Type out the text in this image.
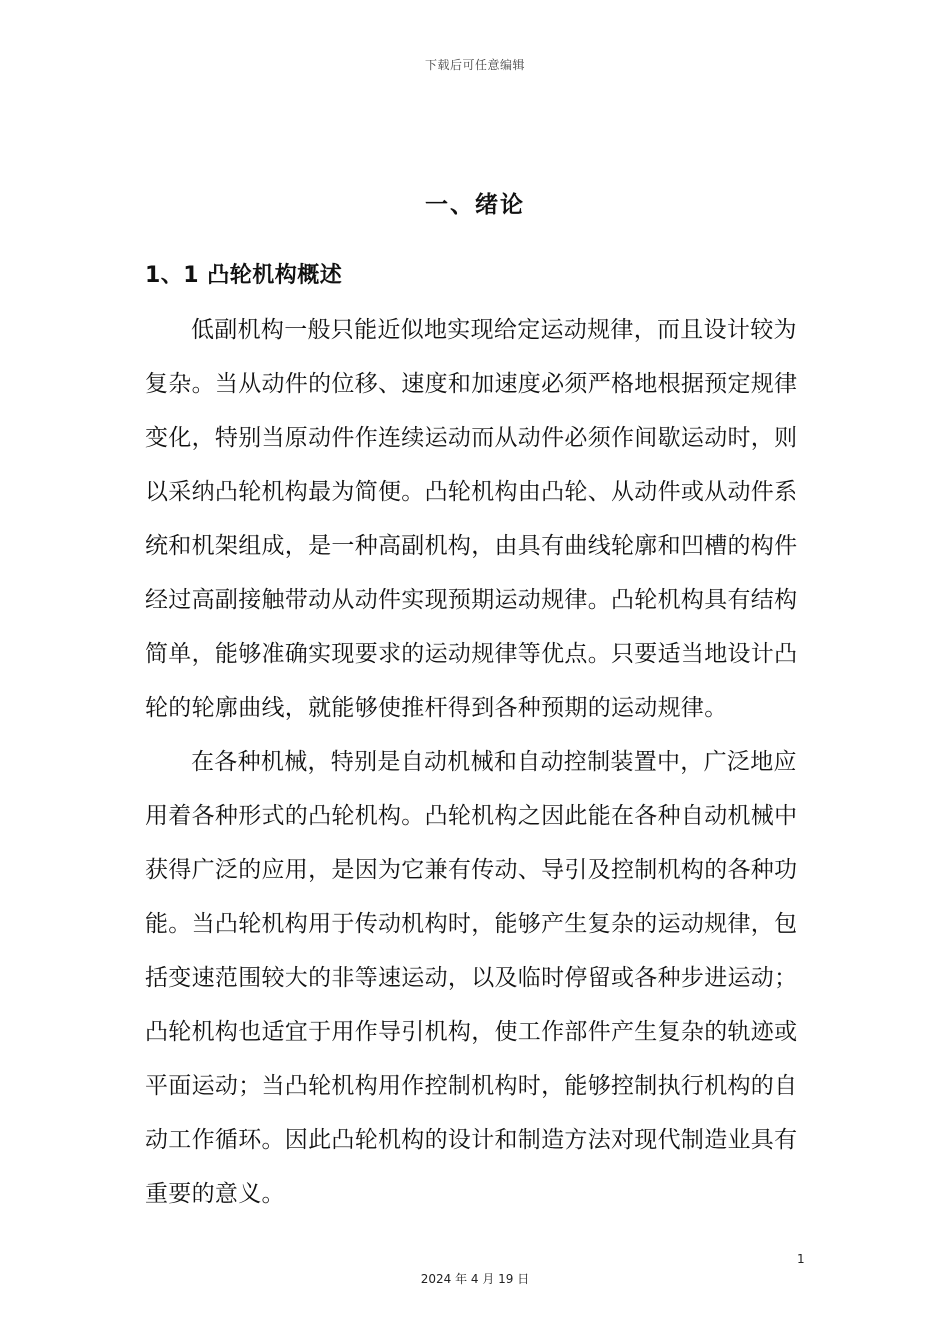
下载后可任意编辑
一、绪论
1、1 凸轮机构概述

低副机构一般只能近似地实现给定运动规律，而且设计较为
复杂。当从动件的位移、速度和加速度必须严格地根据预定规律
变化，特别当原动件作连续运动而从动件必须作间歇运动时，则
以采纳凸轮机构最为简便。凸轮机构由凸轮、从动件或从动件系
统和机架组成，是一种高副机构，由具有曲线轮廓和凹槽的构件
经过高副接触带动从动件实现预期运动规律。凸轮机构具有结构
简单，能够准确实现要求的运动规律等优点。只要适当地设计凸
轮的轮廓曲线，就能够使推杆得到各种预期的运动规律。

在各种机械，特别是自动机械和自动控制装置中，广泛地应
用着各种形式的凸轮机构。凸轮机构之因此能在各种自动机械中
获得广泛的应用，是因为它兼有传动、导引及控制机构的各种功
能。当凸轮机构用于传动机构时，能够产生复杂的运动规律，包
括变速范围较大的非等速运动，以及临时停留或各种步进运动；
凸轮机构也适宜于用作导引机构，使工作部件产生复杂的轨迹或
平面运动；当凸轮机构用作控制机构时，能够控制执行机构的自
动工作循环。因此凸轮机构的设计和制造方法对现代制造业具有
重要的意义。

1
2024 年 4 月 19 日
